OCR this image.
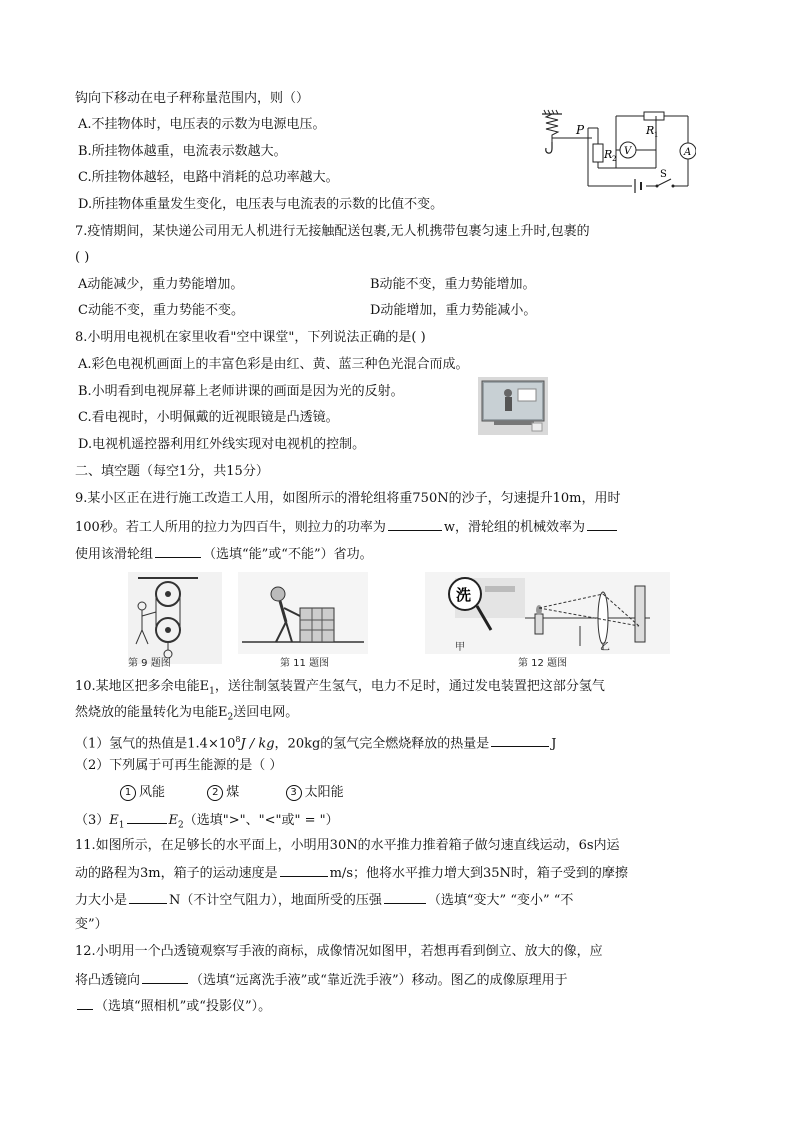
钩向下移动在电子秤称量范围内，则（）
A.不挂物体时，电压表的示数为电源电压。
B.所挂物体越重，电流表示数越大。
C.所挂物体越轻，电路中消耗的总功率越大。
D.所挂物体重量发生变化，电压表与电流表的示数的比值不变。
P	R 1
R 2
V	A
S
7.疫情期间，某快递公司用无人机进行无接触配送包裹,无人机携带包裹匀速上升时,包裹的
( )
A动能减少，重力势能增加。	B动能不变，重力势能增加。
C动能不变，重力势能不变。	D动能增加，重力势能减小。
8.小明用电视机在家里收看"空中课堂"，下列说法正确的是( )
A.彩色电视机画面上的丰富色彩是由红、黄、蓝三种色光混合而成。
B.小明看到电视屏幕上老师讲课的画面是因为光的反射。
C.看电视时，小明佩戴的近视眼镜是凸透镜。
D.电视机遥控器利用红外线实现对电视机的控制。
二、填空题（每空1分，共15分）
9.某小区正在进行施工改造工人用，如图所示的滑轮组将重750N的沙子，匀速提升10m，用时
100秒。若工人所用的拉力为四百牛，则拉力的功率为	w，滑轮组的机械效率为
使用该滑轮组	（选填“能”或“不能”）省功。
第 9 题图	第 11 题图
洗
甲	乙
第 12 题图
10.某地区把多余电能$E_1$，送往制氢装置产生氢气，电力不足时，通过发电装置把这部分氢气
然烧放的能量转化为电能$E_2$送回电网。
（1）氢气的热值是$1.4\times 10^8J$ / kg，20kg的氢气完全燃烧释放的热量是	J
（2）下列属于可再生能源的是（ ）
1 风能	2 煤	3 太阳能
$(3)E_1$	$E_2$（选填">"、"<"或" = "）
11.如图所示，在足够长的水平面上，小明用30N的水平推力推着箱子做匀速直线运动，6s内运
动的路程为3m，箱子的运动速度是	m/s；他将水平推力增大到35N时，箱子受到的摩擦
力大小是	N（不计空气阻力），地面所受的压强	（选填“变大” “变小” “不
变”）
12.小明用一个凸透镜观察写手液的商标，成像情况如图甲，若想再看到倒立、放大的像，应
将凸透镜向	（选填“远离洗手液”或“靠近洗手液”）移动。图乙的成像原理用于
（选填“照相机”或“投影仪”）。
